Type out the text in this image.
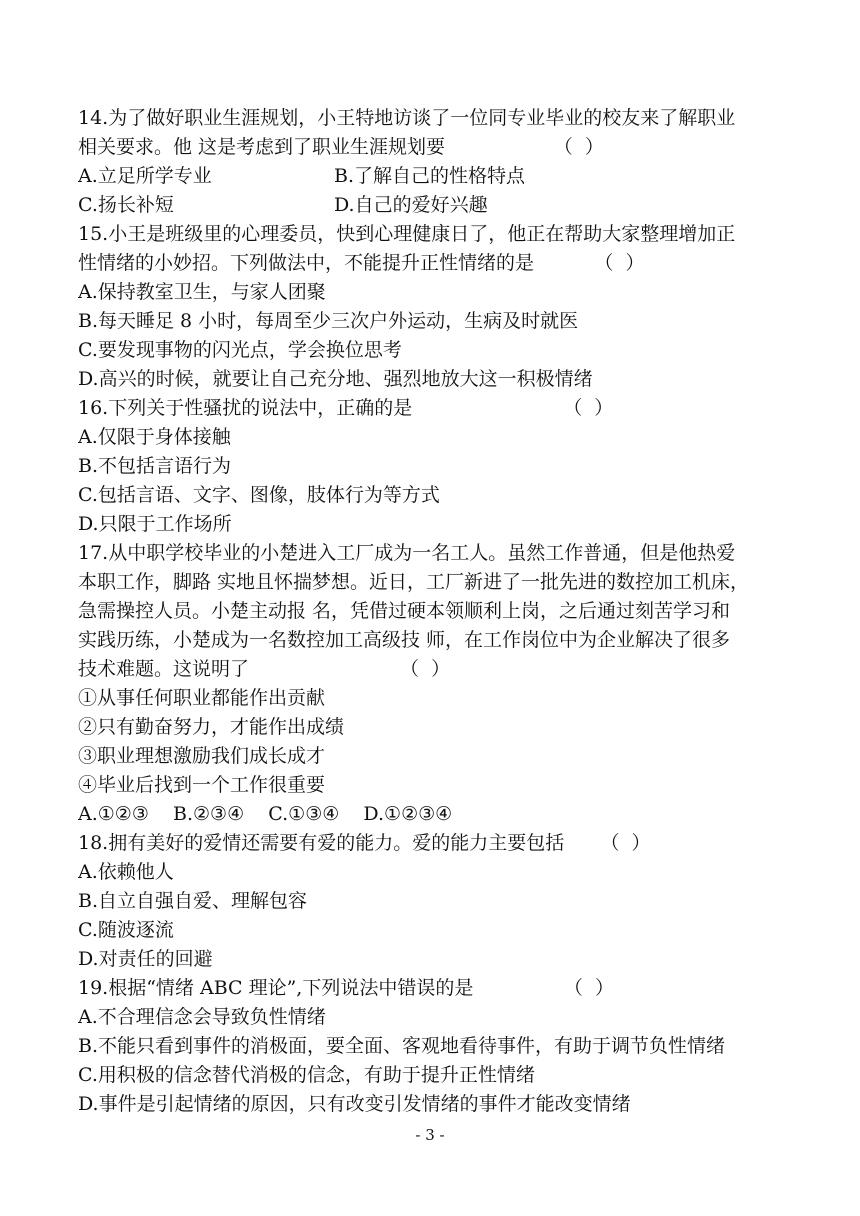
14.为了做好职业生涯规划，小王特地访谈了一位同专业毕业的校友来了解职业
相关要求。他 这是考虑到了职业生涯规划要                  （  ）
A.立足所学专业	B.了解自己的性格特点
C.扬长补短	D.自己的爱好兴趣
15.小王是班级里的心理委员，快到心理健康日了，他正在帮助大家整理增加正
性情绪的小妙招。下列做法中，不能提升正性情绪的是          （  ）
A.保持教室卫生，与家人团聚
B.每天睡足 8 小时，每周至少三次户外运动，生病及时就医
C.要发现事物的闪光点，学会换位思考
D.高兴的时候，就要让自己充分地、强烈地放大这一积极情绪
16.下列关于性骚扰的说法中，正确的是                         （  ）
A.仅限于身体接触
B.不包括言语行为
C.包括言语、文字、图像，肢体行为等方式
D.只限于工作场所
17.从中职学校毕业的小楚进入工厂成为一名工人。虽然工作普通，但是他热爱
本职工作，脚路 实地且怀揣梦想。近日，工厂新进了一批先进的数控加工机床，
急需操控人员。小楚主动报 名，凭借过硬本领顺利上岗，之后通过刻苦学习和
实践历练，小楚成为一名数控加工高级技 师，在工作岗位中为企业解决了很多
技术难题。这说明了                         （  ）
①从事任何职业都能作出贡献
②只有勤奋努力，才能作出成绩
③职业理想激励我们成长成才
④毕业后找到一个工作很重要
A.①②③    B.②③④    C.①③④    D.①②③④
18.拥有美好的爱情还需要有爱的能力。爱的能力主要包括      （  ）
A.依赖他人
B.自立自强自爱、理解包容
C.随波逐流
D.对责任的回避
19.根据“情绪 ABC 理论”,下列说法中错误的是               （  ）
A.不合理信念会导致负性情绪
B.不能只看到事件的消极面，要全面、客观地看待事件，有助于调节负性情绪
C.用积极的信念替代消极的信念，有助于提升正性情绪
D.事件是引起情绪的原因，只有改变引发情绪的事件才能改变情绪
- 3 -
